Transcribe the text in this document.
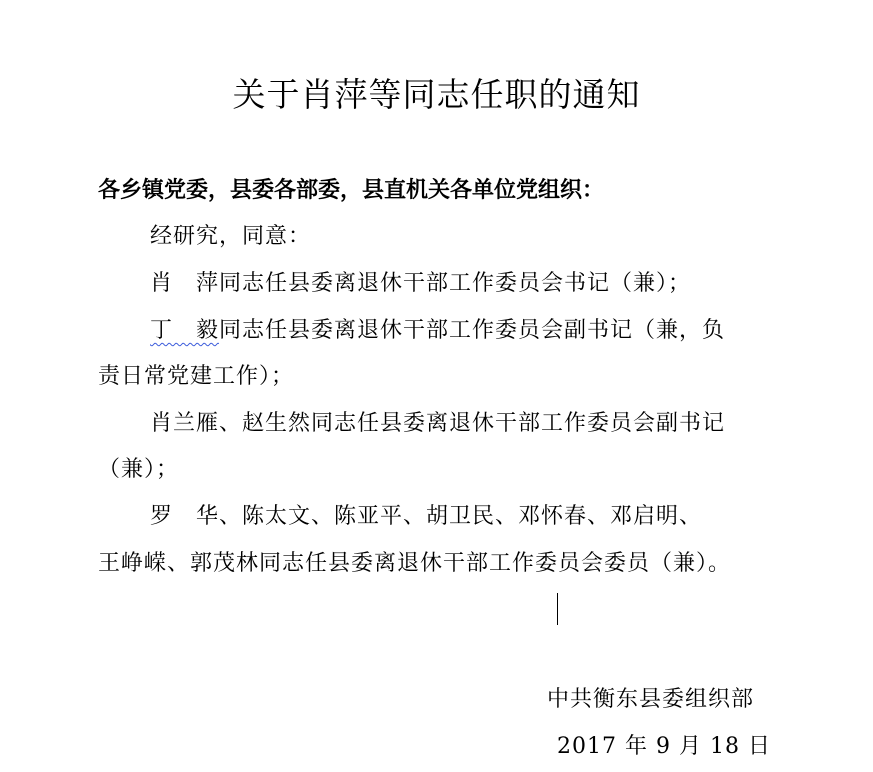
关于肖萍等同志任职的通知
各乡镇党委，县委各部委，县直机关各单位党组织：
经研究，同意：
肖　萍同志任县委离退休干部工作委员会书记（兼）；
丁　毅同志任县委离退休干部工作委员会副书记（兼，负
责日常党建工作）；
肖兰雁、赵生然同志任县委离退休干部工作委员会副书记
（兼）；
罗　华、陈太文、陈亚平、胡卫民、邓怀春、邓启明、
王峥嵘、郭茂林同志任县委离退休干部工作委员会委员（兼）。
中共衡东县委组织部
2017 年 9 月 18 日
